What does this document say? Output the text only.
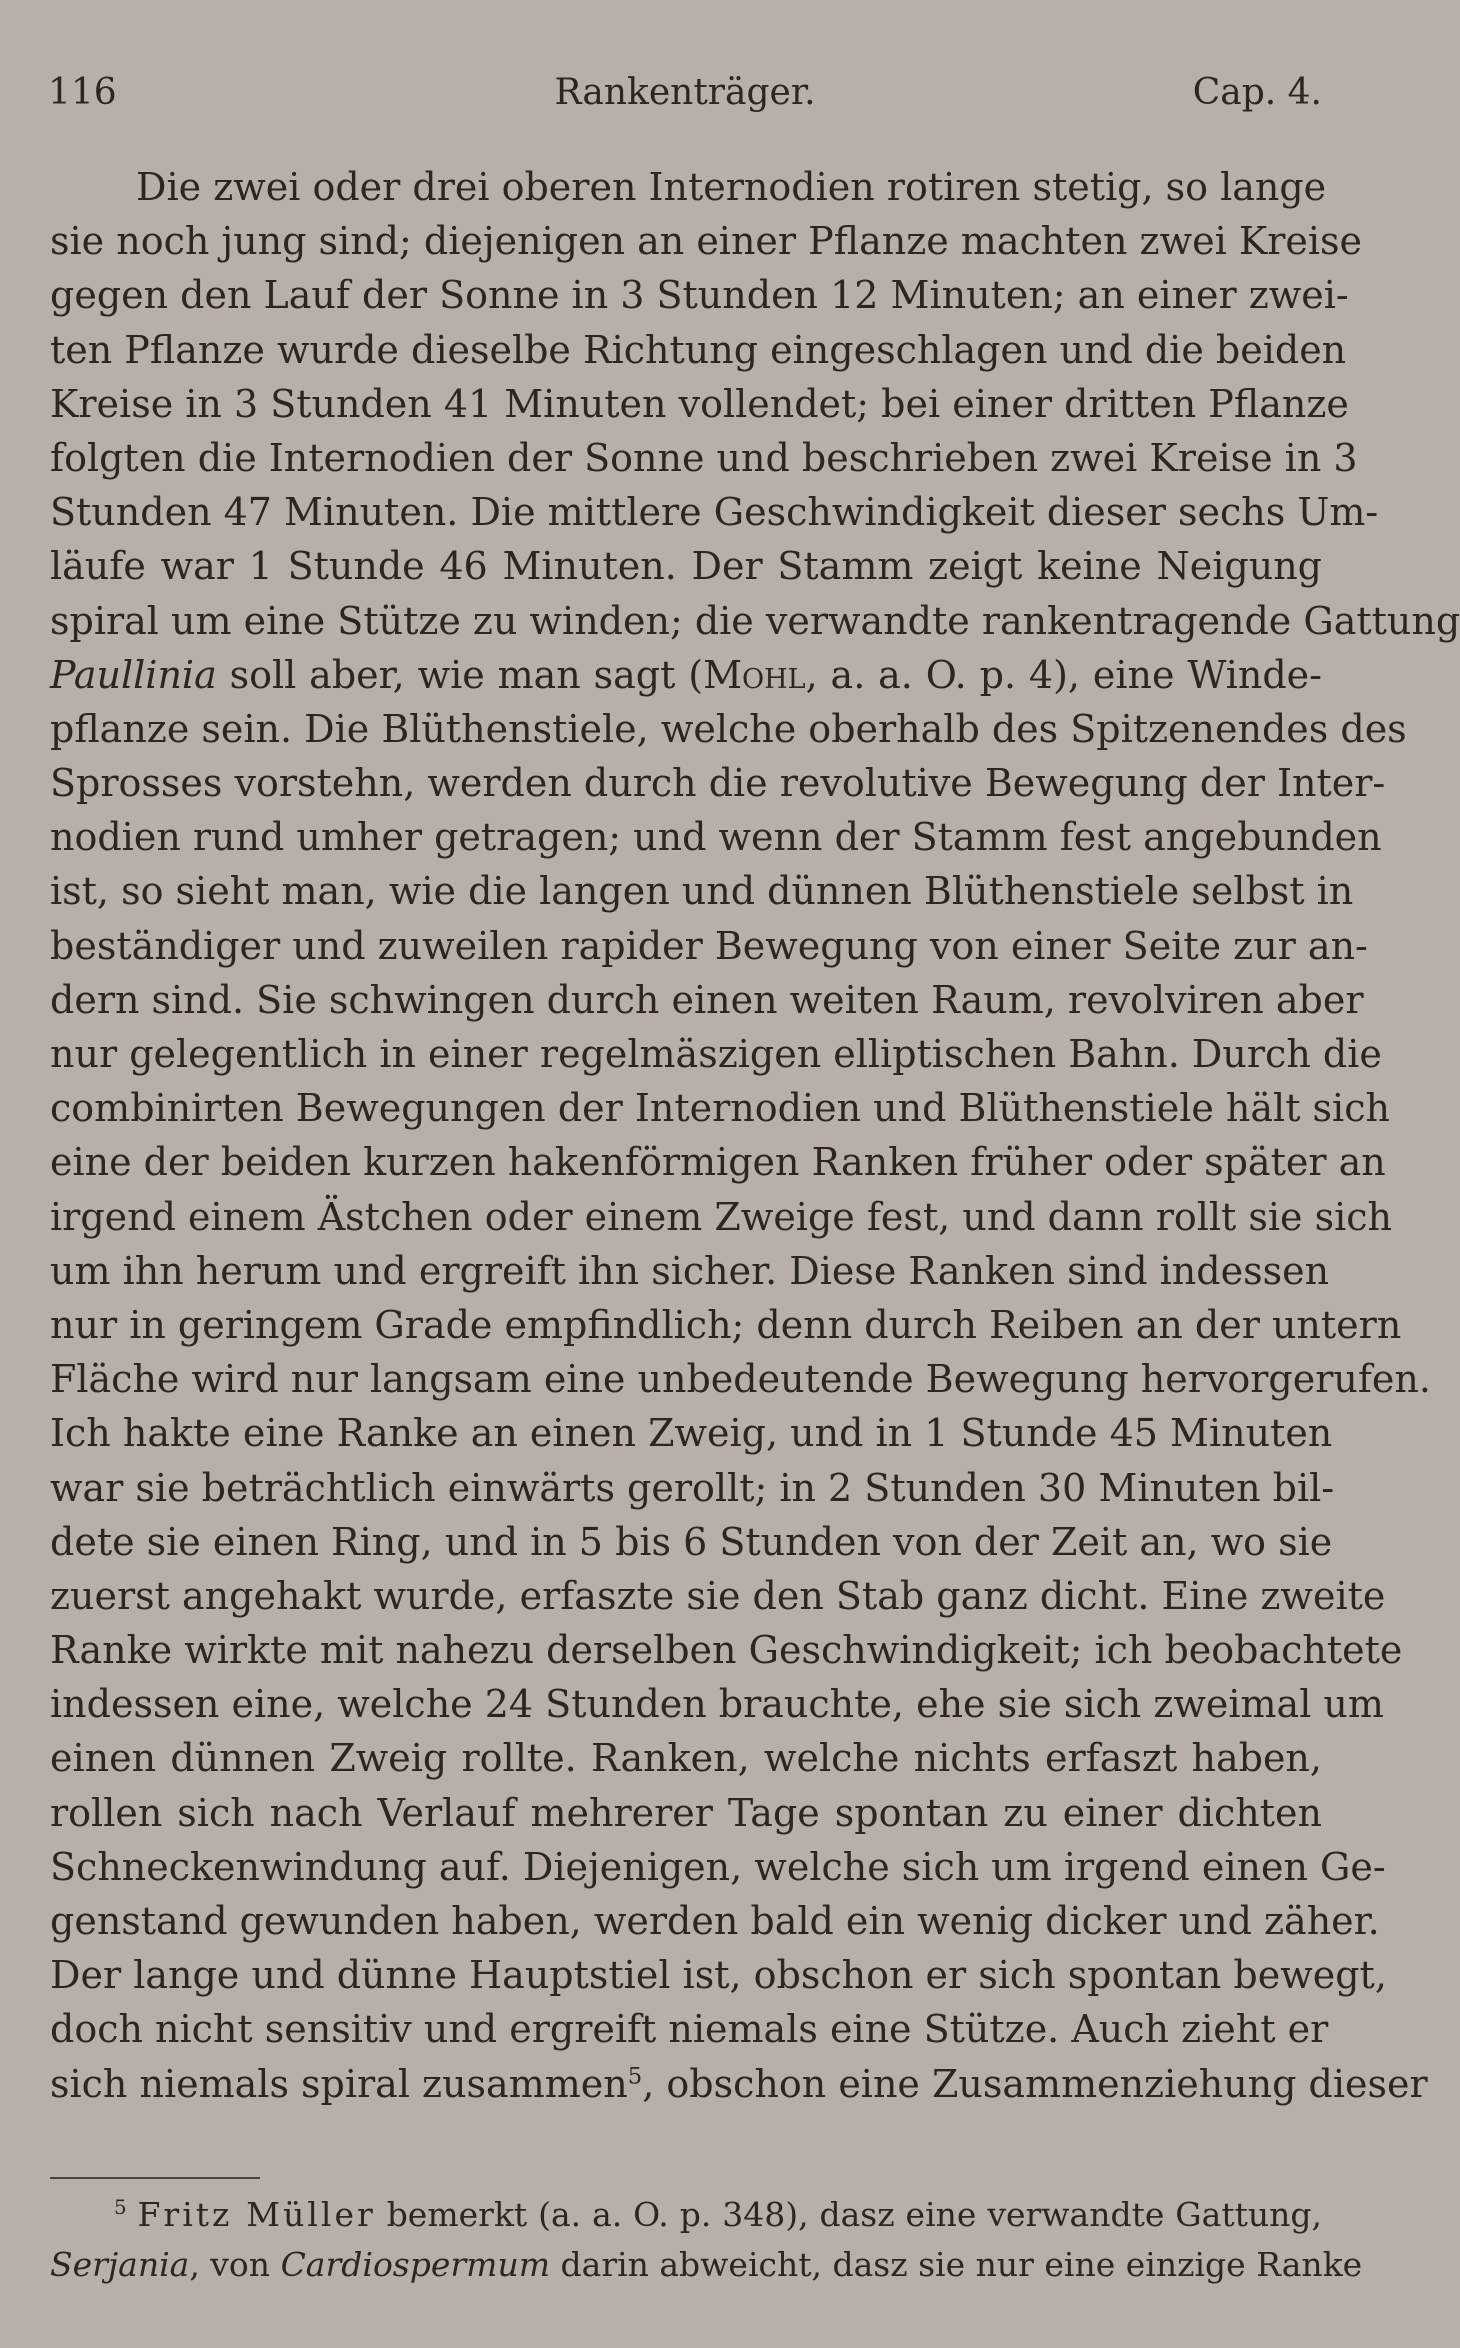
116	Rankenträger.	Cap. 4.
Die zwei oder drei oberen Internodien rotiren stetig, so lange
sie noch jung sind; diejenigen an einer Pflanze machten zwei Kreise
gegen den Lauf der Sonne in 3 Stunden 12 Minuten; an einer zwei-
ten Pflanze wurde dieselbe Richtung eingeschlagen und die beiden
Kreise in 3 Stunden 41 Minuten vollendet; bei einer dritten Pflanze
folgten die Internodien der Sonne und beschrieben zwei Kreise in 3
Stunden 47 Minuten. Die mittlere Geschwindigkeit dieser sechs Um-
läufe war 1 Stunde 46 Minuten. Der Stamm zeigt keine Neigung
spiral um eine Stütze zu winden; die verwandte rankentragende Gattung
Paullinia soll aber, wie man sagt (Mohl, a. a. O. p. 4), eine Winde-
pflanze sein. Die Blüthenstiele, welche oberhalb des Spitzenendes des
Sprosses vorstehn, werden durch die revolutive Bewegung der Inter-
nodien rund umher getragen; und wenn der Stamm fest angebunden
ist, so sieht man, wie die langen und dünnen Blüthenstiele selbst in
beständiger und zuweilen rapider Bewegung von einer Seite zur an-
dern sind. Sie schwingen durch einen weiten Raum, revolviren aber
nur gelegentlich in einer regelmäszigen elliptischen Bahn. Durch die
combinirten Bewegungen der Internodien und Blüthenstiele hält sich
eine der beiden kurzen hakenförmigen Ranken früher oder später an
irgend einem Ästchen oder einem Zweige fest, und dann rollt sie sich
um ihn herum und ergreift ihn sicher. Diese Ranken sind indessen
nur in geringem Grade empfindlich; denn durch Reiben an der untern
Fläche wird nur langsam eine unbedeutende Bewegung hervorgerufen.
Ich hakte eine Ranke an einen Zweig, und in 1 Stunde 45 Minuten
war sie beträchtlich einwärts gerollt; in 2 Stunden 30 Minuten bil-
dete sie einen Ring, und in 5 bis 6 Stunden von der Zeit an, wo sie
zuerst angehakt wurde, erfaszte sie den Stab ganz dicht. Eine zweite
Ranke wirkte mit nahezu derselben Geschwindigkeit; ich beobachtete
indessen eine, welche 24 Stunden brauchte, ehe sie sich zweimal um
einen dünnen Zweig rollte. Ranken, welche nichts erfaszt haben,
rollen sich nach Verlauf mehrerer Tage spontan zu einer dichten
Schneckenwindung auf. Diejenigen, welche sich um irgend einen Ge-
genstand gewunden haben, werden bald ein wenig dicker und zäher.
Der lange und dünne Hauptstiel ist, obschon er sich spontan bewegt,
doch nicht sensitiv und ergreift niemals eine Stütze. Auch zieht er
sich niemals spiral zusammen$^5$, obschon eine Zusammenziehung dieser
$^5$ Fritz Müller bemerkt (a. a. O. p. 348), dasz eine verwandte Gattung,
Serjania, von Cardiospermum darin abweicht, dasz sie nur eine einzige Ranke
